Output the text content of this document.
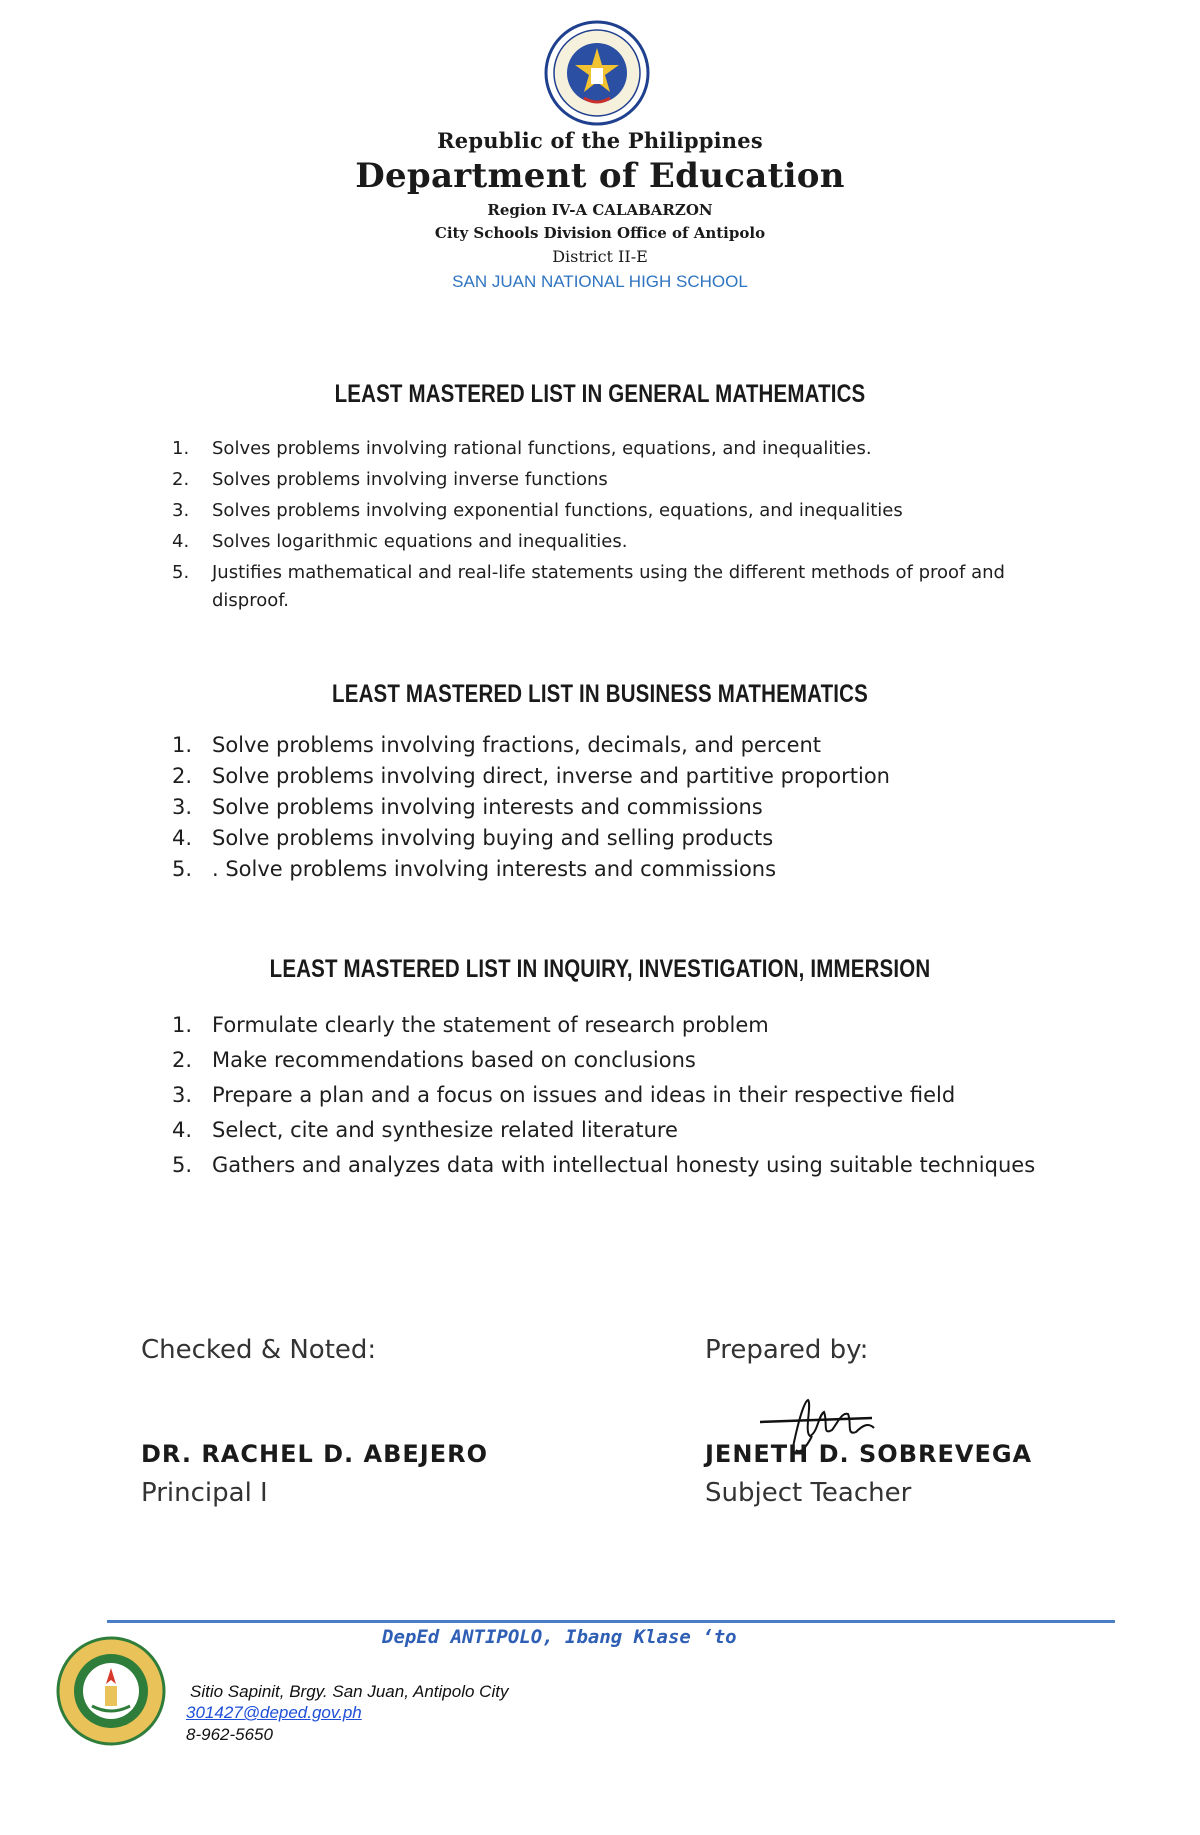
Republic of the Philippines
Department of Education
Region IV-A CALABARZON
City Schools Division Office of Antipolo
District II-E
SAN JUAN NATIONAL HIGH SCHOOL
LEAST MASTERED LIST IN GENERAL MATHEMATICS
1.	Solves problems involving rational functions, equations, and inequalities.
2.	Solves problems involving inverse functions
3.	Solves problems involving exponential functions, equations, and inequalities
4.	Solves logarithmic equations and inequalities.
5.	Justifies mathematical and real-life statements using the different methods of proof and disproof.
LEAST MASTERED LIST IN BUSINESS MATHEMATICS
1. Solve problems involving fractions, decimals, and percent
2. Solve problems involving direct, inverse and partitive proportion
3. Solve problems involving interests and commissions
4. Solve problems involving buying and selling products
5. . Solve problems involving interests and commissions
LEAST MASTERED LIST IN INQUIRY, INVESTIGATION, IMMERSION
1. Formulate clearly the statement of research problem
2. Make recommendations based on conclusions
3. Prepare a plan and a focus on issues and ideas in their respective field
4. Select, cite and synthesize related literature
5. Gathers and analyzes data with intellectual honesty using suitable techniques
Checked & Noted:	Prepared by:
DR. RACHEL D. ABEJERO	JENETH D. SOBREVEGA
Principal I	Subject Teacher
DepEd ANTIPOLO, Ibang Klase ‘to
Sitio Sapinit, Brgy. San Juan, Antipolo City
301427@deped.gov.ph
8-962-5650
